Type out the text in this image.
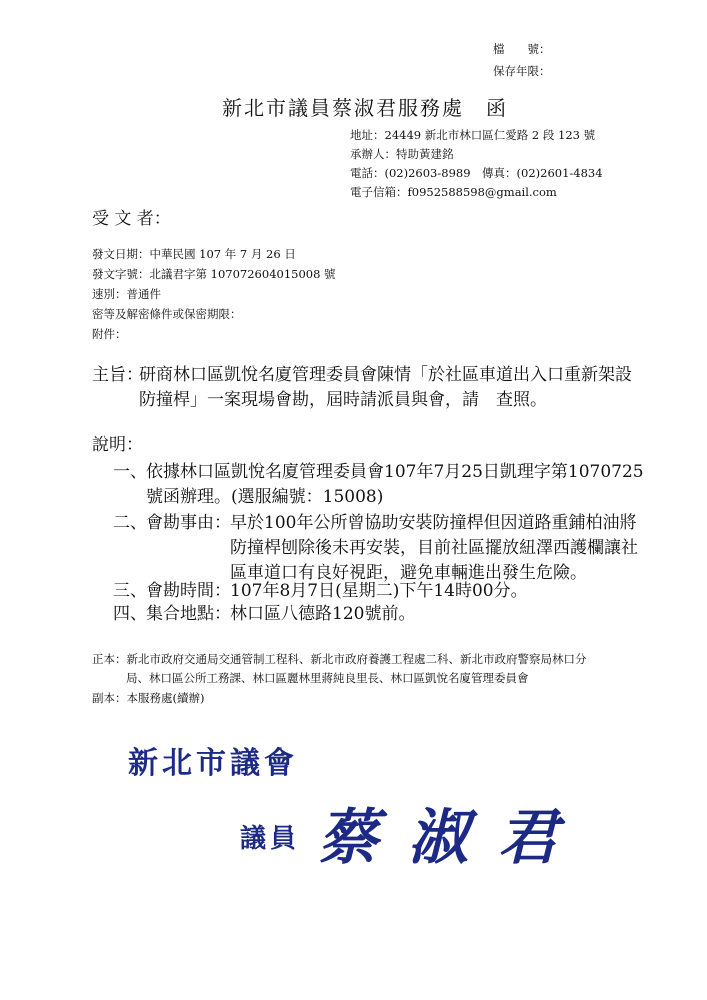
檔　　號：
保存年限：
新北市議員蔡淑君服務處　函
地址：24449 新北市林口區仁愛路 2 段 123 號
承辦人：特助黃建銘
電話：(02)2603-8989　傳真：(02)2601-4834
電子信箱：f0952588598@gmail.com
受 文 者：
發文日期：中華民國 107 年 7 月 26 日
發文字號：北議君字第 107072604015008 號
速別：普通件
密等及解密條件或保密期限：
附件：
主旨：
研商林口區凱悅名廈管理委員會陳情「於社區車道出入口重新架設
防撞桿」一案現場會勘，屆時請派員與會，請　查照。
說明：
一、 依據林口區凱悅名廈管理委員會107年7月25日凱理字第1070725
號函辦理。(選服編號：15008)
二、 會勘事由： 早於100年公所曾協助安裝防撞桿但因道路重鋪柏油將
防撞桿刨除後未再安裝，目前社區擺放紐澤西護欄讓社
區車道口有良好視距，避免車輛進出發生危險。
三、 會勘時間： 107年8月7日(星期二)下午14時00分。
四、 集合地點： 林口區八德路120號前。
正本：新北市政府交通局交通管制工程科、新北市政府養護工程處二科、新北市政府警察局林口分
局、林口區公所工務課、林口區麗林里蔣純良里長、林口區凱悅名廈管理委員會
副本：本服務處(續辦)
新北市議會
議員 蔡淑君
